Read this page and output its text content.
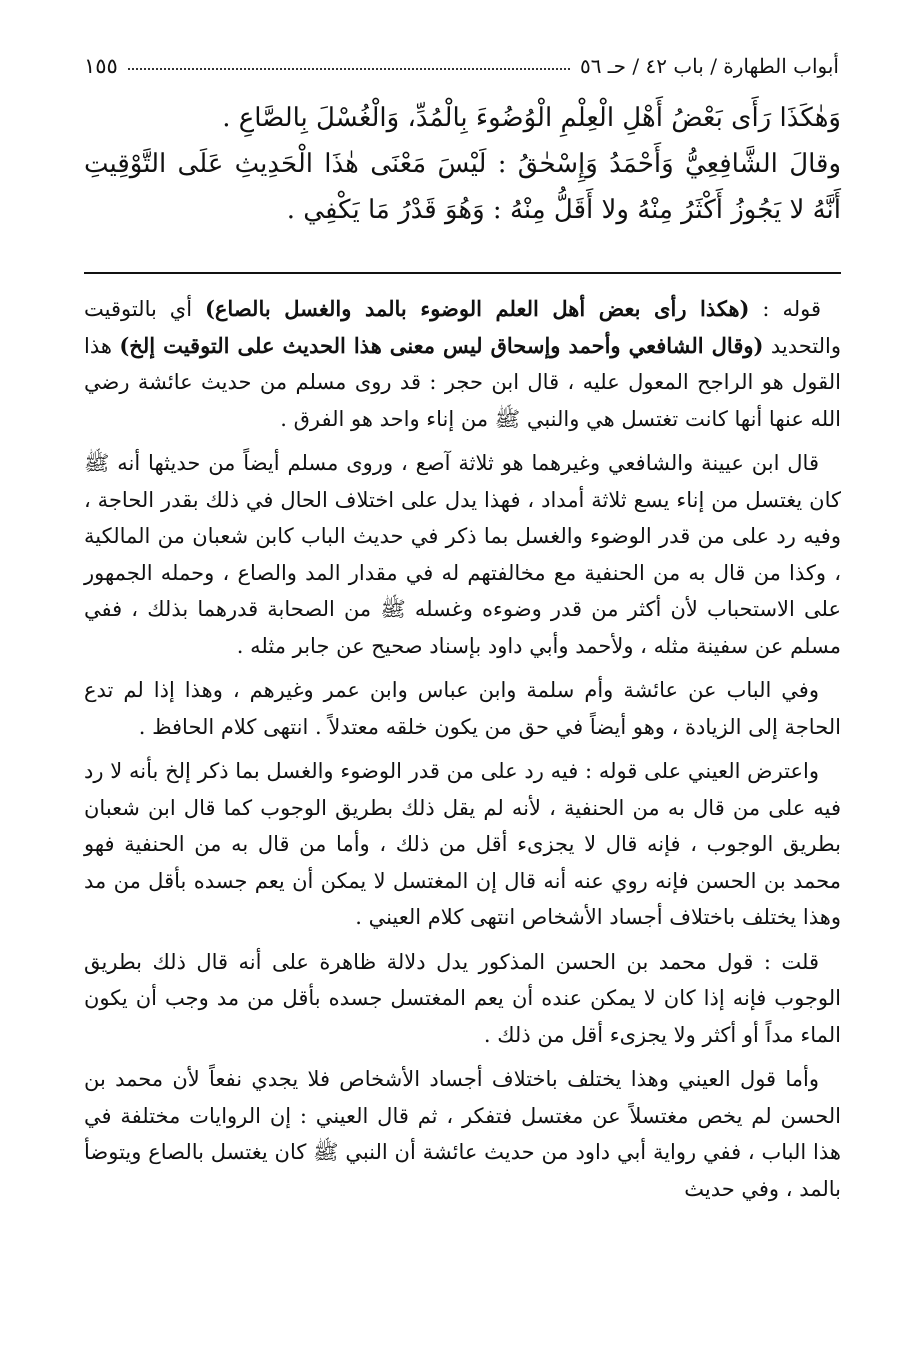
أبواب الطهارة / باب ٤٢ / حـ ٥٦
١٥٥

وَهٰكَذَا رَأَى بَعْضُ أَهْلِ الْعِلْمِ الْوُضُوءَ بِالْمُدِّ، وَالْغُسْلَ بِالصَّاعِ .

وقالَ الشَّافِعِيُّ وَأَحْمَدُ وَإِسْحٰقُ : لَيْسَ مَعْنَى هٰذَا الْحَدِيثِ عَلَى التَّوْقِيتِ أَنَّهُ لا يَجُوزُ أَكْثَرُ مِنْهُ ولا أَقَلُّ مِنْهُ : وَهُوَ قَدْرُ مَا يَكْفِي .

قوله : (هكذا رأى بعض أهل العلم الوضوء بالمد والغسل بالصاع) أي بالتوقيت والتحديد (وقال الشافعي وأحمد وإسحاق ليس معنى هذا الحديث على التوقيت إلخ) هذا القول هو الراجح المعول عليه ، قال ابن حجر : قد روى مسلم من حديث عائشة رضي الله عنها أنها كانت تغتسل هي والنبي ﷺ من إناء واحد هو الفرق .

قال ابن عيينة والشافعي وغيرهما هو ثلاثة آصع ، وروى مسلم أيضاً من حديثها أنه ﷺ كان يغتسل من إناء يسع ثلاثة أمداد ، فهذا يدل على اختلاف الحال في ذلك بقدر الحاجة ، وفيه رد على من قدر الوضوء والغسل بما ذكر في حديث الباب كابن شعبان من المالكية ، وكذا من قال به من الحنفية مع مخالفتهم له في مقدار المد والصاع ، وحمله الجمهور على الاستحباب لأن أكثر من قدر وضوءه وغسله ﷺ من الصحابة قدرهما بذلك ، ففي مسلم عن سفينة مثله ، ولأحمد وأبي داود بإسناد صحيح عن جابر مثله .

وفي الباب عن عائشة وأم سلمة وابن عباس وابن عمر وغيرهم ، وهذا إذا لم تدع الحاجة إلى الزيادة ، وهو أيضاً في حق من يكون خلقه معتدلاً . انتهى كلام الحافظ .

واعترض العيني على قوله : فيه رد على من قدر الوضوء والغسل بما ذكر إلخ بأنه لا رد فيه على من قال به من الحنفية ، لأنه لم يقل ذلك بطريق الوجوب كما قال ابن شعبان بطريق الوجوب ، فإنه قال لا يجزىء أقل من ذلك ، وأما من قال به من الحنفية فهو محمد بن الحسن فإنه روي عنه أنه قال إن المغتسل لا يمكن أن يعم جسده بأقل من مد وهذا يختلف باختلاف أجساد الأشخاص انتهى كلام العيني .

قلت : قول محمد بن الحسن المذكور يدل دلالة ظاهرة على أنه قال ذلك بطريق الوجوب فإنه إذا كان لا يمكن عنده أن يعم المغتسل جسده بأقل من مد وجب أن يكون الماء مداً أو أكثر ولا يجزىء أقل من ذلك .

وأما قول العيني وهذا يختلف باختلاف أجساد الأشخاص فلا يجدي نفعاً لأن محمد بن الحسن لم يخص مغتسلاً عن مغتسل فتفكر ، ثم قال العيني : إن الروايات مختلفة في هذا الباب ، ففي رواية أبي داود من حديث عائشة أن النبي ﷺ كان يغتسل بالصاع ويتوضأ بالمد ، وفي حديث
